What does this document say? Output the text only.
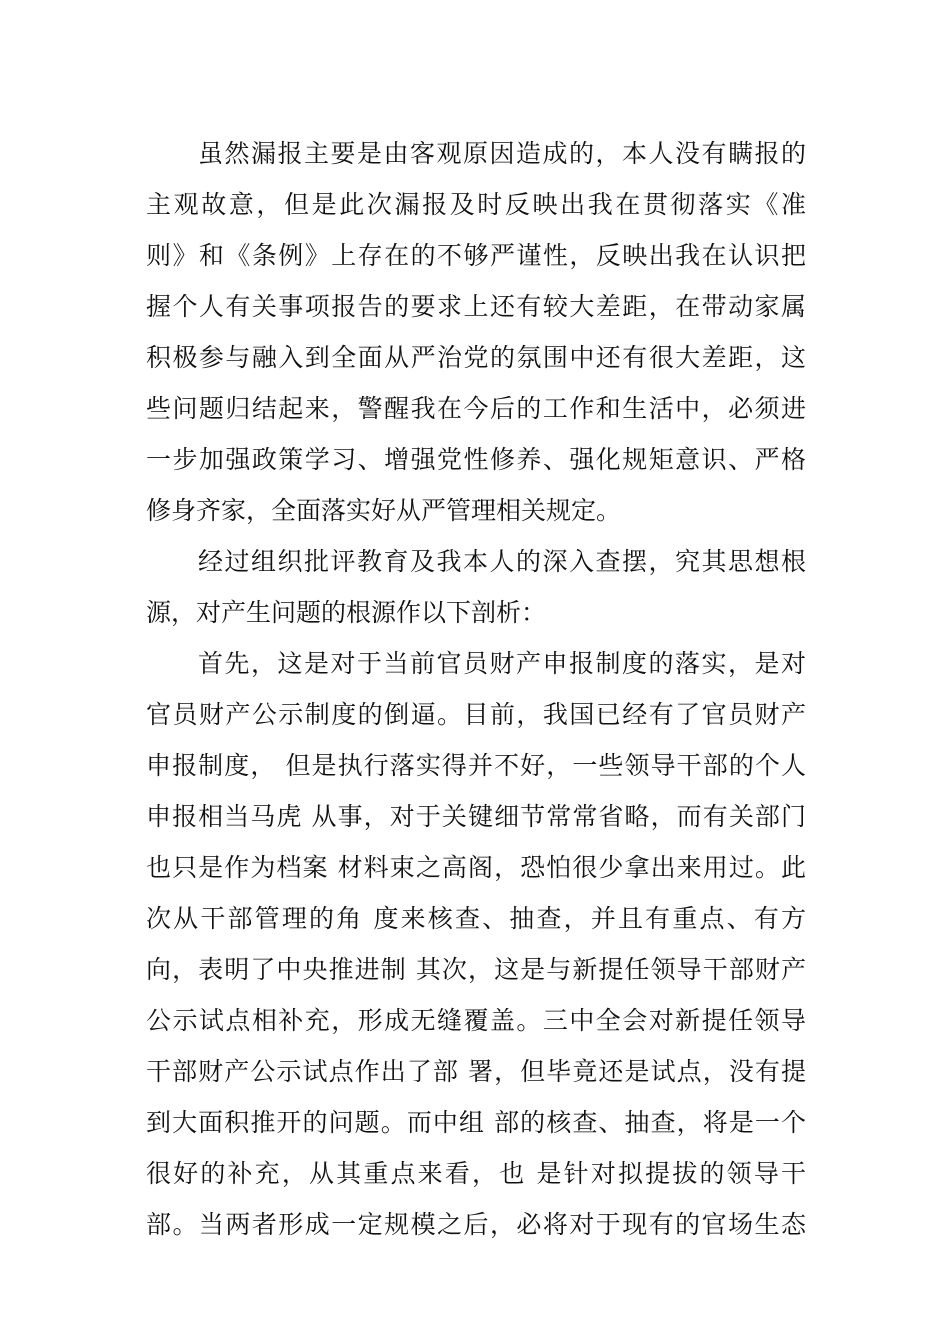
虽然漏报主要是由客观原因造成的，本人没有瞒报的
主观故意，但是此次漏报及时反映出我在贯彻落实《准
则》和《条例》上存在的不够严谨性，反映出我在认识把
握个人有关事项报告的要求上还有较大差距，在带动家属
积极参与融入到全面从严治党的氛围中还有很大差距，这
些问题归结起来，警醒我在今后的工作和生活中，必须进
一步加强政策学习、增强党性修养、强化规矩意识、严格
修身齐家，全面落实好从严管理相关规定。
经过组织批评教育及我本人的深入查摆，究其思想根
源，对产生问题的根源作以下剖析：
首先，这是对于当前官员财产申报制度的落实，是对
官员财产公示制度的倒逼。目前，我国已经有了官员财产
申报制度， 但是执行落实得并不好，一些领导干部的个人
申报相当马虎 从事，对于关键细节常常省略，而有关部门
也只是作为档案 材料束之高阁，恐怕很少拿出来用过。此
次从干部管理的角 度来核查、抽查，并且有重点、有方
向，表明了中央推进制 其次，这是与新提任领导干部财产
公示试点相补充，形成无缝覆盖。三中全会对新提任领导
干部财产公示试点作出了部 署，但毕竟还是试点，没有提
到大面积推开的问题。而中组 部的核查、抽查，将是一个
很好的补充，从其重点来看，也 是针对拟提拔的领导干
部。当两者形成一定规模之后，必将对于现有的官场生态
